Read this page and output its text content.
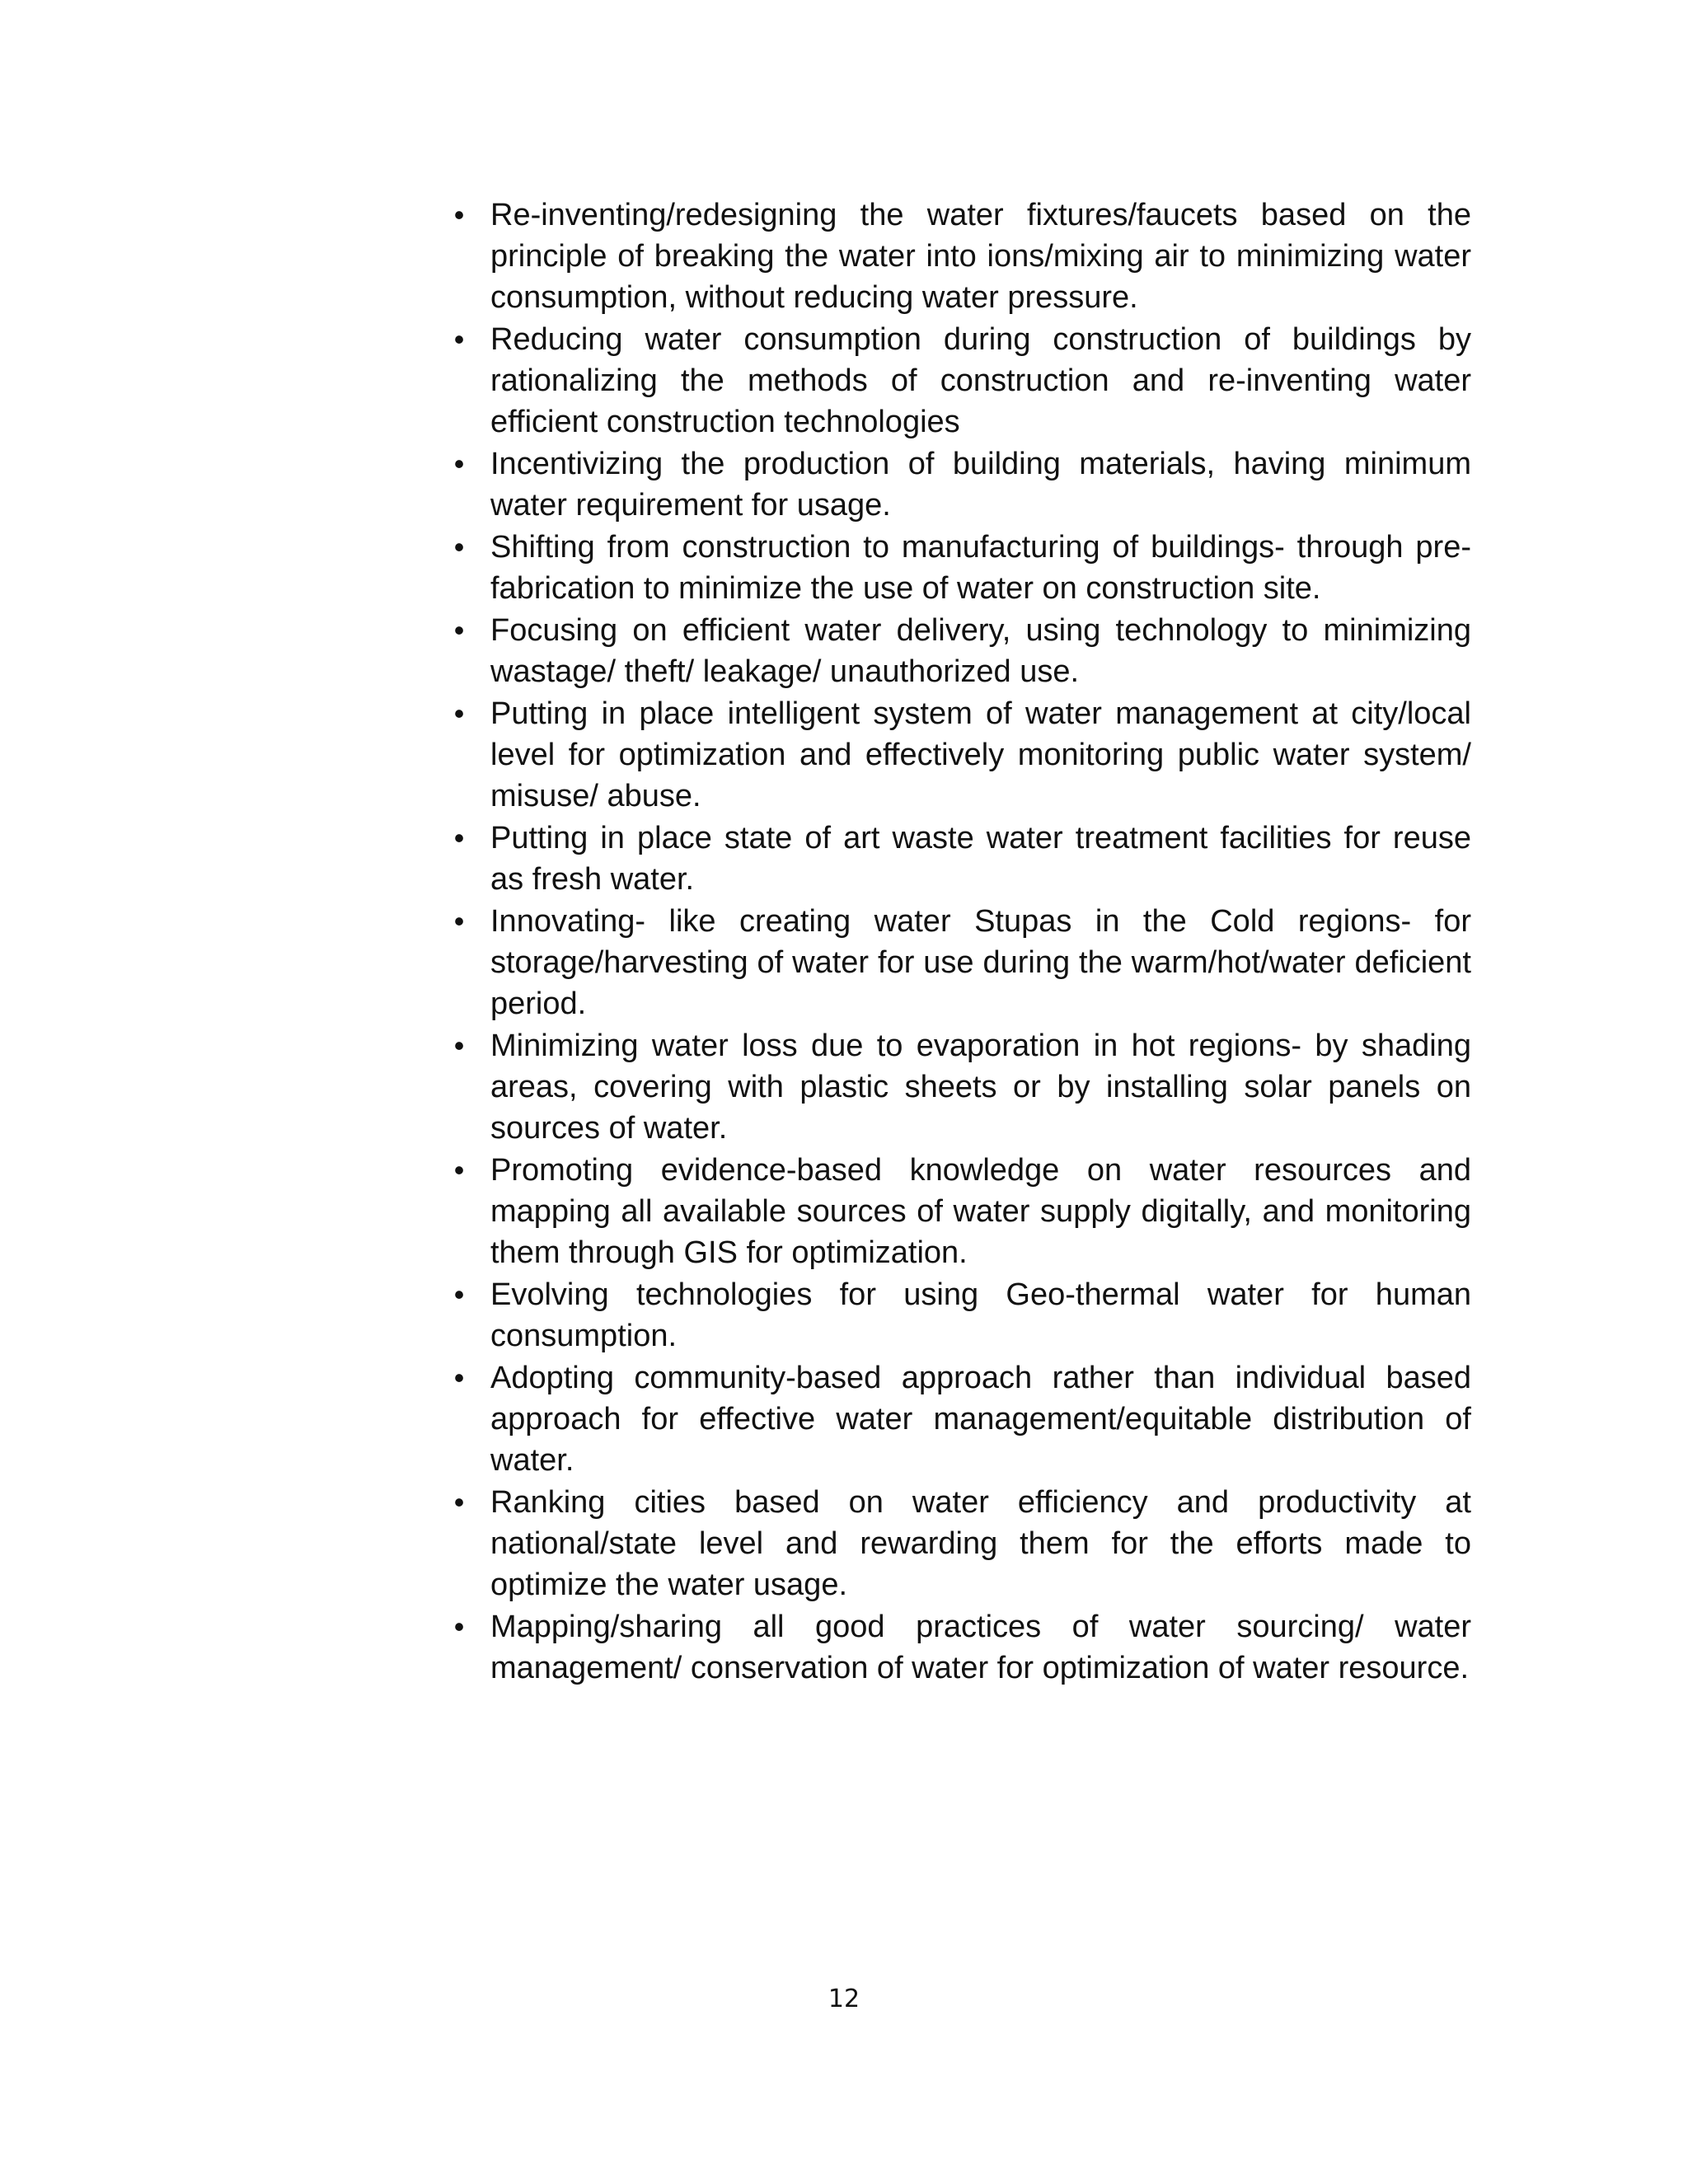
• Re-inventing/redesigning the water fixtures/faucets based on the principle of breaking the water into ions/mixing air to minimizing water consumption, without reducing water pressure.
• Reducing water consumption during construction of buildings by rationalizing the methods of construction and re-inventing water efficient construction technologies
• Incentivizing the production of building materials, having minimum water requirement for usage.
• Shifting from construction to manufacturing of buildings- through pre-fabrication to minimize the use of water on construction site.
• Focusing on efficient water delivery, using technology to minimizing wastage/ theft/ leakage/ unauthorized use.
• Putting in place intelligent system of water management at city/local level for optimization and effectively monitoring public water system/ misuse/ abuse.
• Putting in place state of art waste water treatment facilities for reuse as fresh water.
• Innovating- like creating water Stupas in the Cold regions- for storage/harvesting of water for use during the warm/hot/water deficient period.
• Minimizing water loss due to evaporation in hot regions- by shading areas, covering with plastic sheets or by installing solar panels on sources of water.
• Promoting evidence-based knowledge on water resources and mapping all available sources of water supply digitally, and monitoring them through GIS for optimization.
• Evolving technologies for using Geo-thermal water for human consumption.
• Adopting community-based approach rather than individual based approach for effective water management/equitable distribution of water.
• Ranking cities based on water efficiency and productivity at national/state level and rewarding them for the efforts made to optimize the water usage.
• Mapping/sharing all good practices of water sourcing/ water management/ conservation of water for optimization of water resource.
12
